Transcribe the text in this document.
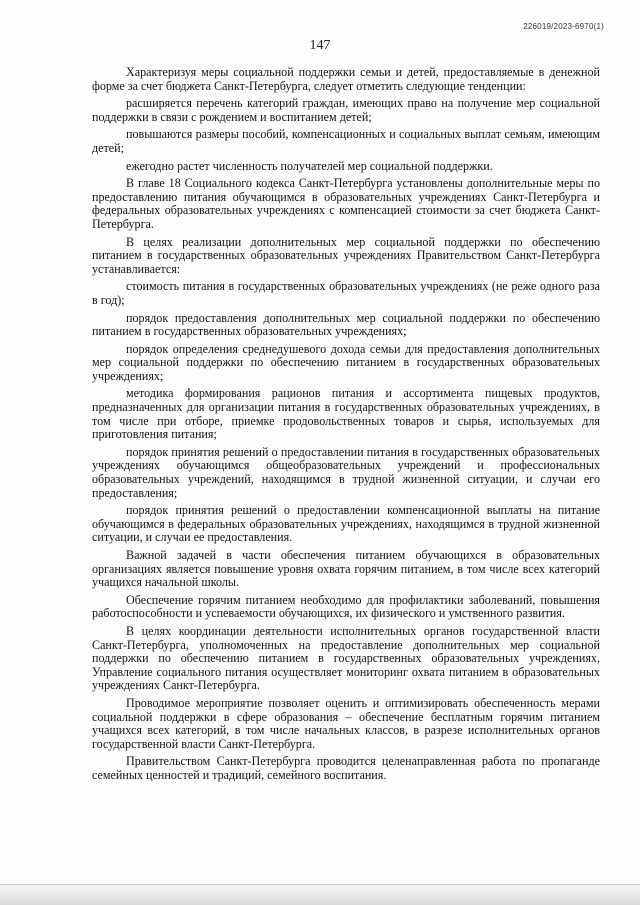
226019/2023-6970(1)
147

Характеризуя меры социальной поддержки семьи и детей, предоставляемые в денежной форме за счет бюджета Санкт-Петербурга, следует отметить следующие тенденции:

расширяется перечень категорий граждан, имеющих право на получение мер социальной поддержки в связи с рождением и воспитанием детей;

повышаются размеры пособий, компенсационных и социальных выплат семьям, имеющим детей;

ежегодно растет численность получателей мер социальной поддержки.

В главе 18 Социального кодекса Санкт-Петербурга установлены дополнительные меры по предоставлению питания обучающимся в образовательных учреждениях Санкт-Петербурга и федеральных образовательных учреждениях с компенсацией стоимости за счет бюджета Санкт-Петербурга.

В целях реализации дополнительных мер социальной поддержки по обеспечению питанием в государственных образовательных учреждениях Правительством Санкт-Петербурга устанавливается:

стоимость питания в государственных образовательных учреждениях (не реже одного раза в год);

порядок предоставления дополнительных мер социальной поддержки по обеспечению питанием в государственных образовательных учреждениях;

порядок определения среднедушевого дохода семьи для предоставления дополнительных мер социальной поддержки по обеспечению питанием в государственных образовательных учреждениях;

методика формирования рационов питания и ассортимента пищевых продуктов, предназначенных для организации питания в государственных образовательных учреждениях, в том числе при отборе, приемке продовольственных товаров и сырья, используемых для приготовления питания;

порядок принятия решений о предоставлении питания в государственных образовательных учреждениях обучающимся общеобразовательных учреждений и профессиональных образовательных учреждений, находящимся в трудной жизненной ситуации, и случаи его предоставления;

порядок принятия решений о предоставлении компенсационной выплаты на питание обучающимся в федеральных образовательных учреждениях, находящимся в трудной жизненной ситуации, и случаи ее предоставления.

Важной задачей в части обеспечения питанием обучающихся в образовательных организациях является повышение уровня охвата горячим питанием, в том числе всех категорий учащихся начальной школы.

Обеспечение горячим питанием необходимо для профилактики заболеваний, повышения работоспособности и успеваемости обучающихся, их физического и умственного развития.

В целях координации деятельности исполнительных органов государственной власти Санкт-Петербурга, уполномоченных на предоставление дополнительных мер социальной поддержки по обеспечению питанием в государственных образовательных учреждениях, Управление социального питания осуществляет мониторинг охвата питанием в образовательных учреждениях Санкт-Петербурга.

Проводимое мероприятие позволяет оценить и оптимизировать обеспеченность мерами социальной поддержки в сфере образования – обеспечение бесплатным горячим питанием учащихся всех категорий, в том числе начальных классов, в разрезе исполнительных органов государственной власти Санкт-Петербурга.

Правительством Санкт-Петербурга проводится целенаправленная работа по пропаганде семейных ценностей и традиций, семейного воспитания.
